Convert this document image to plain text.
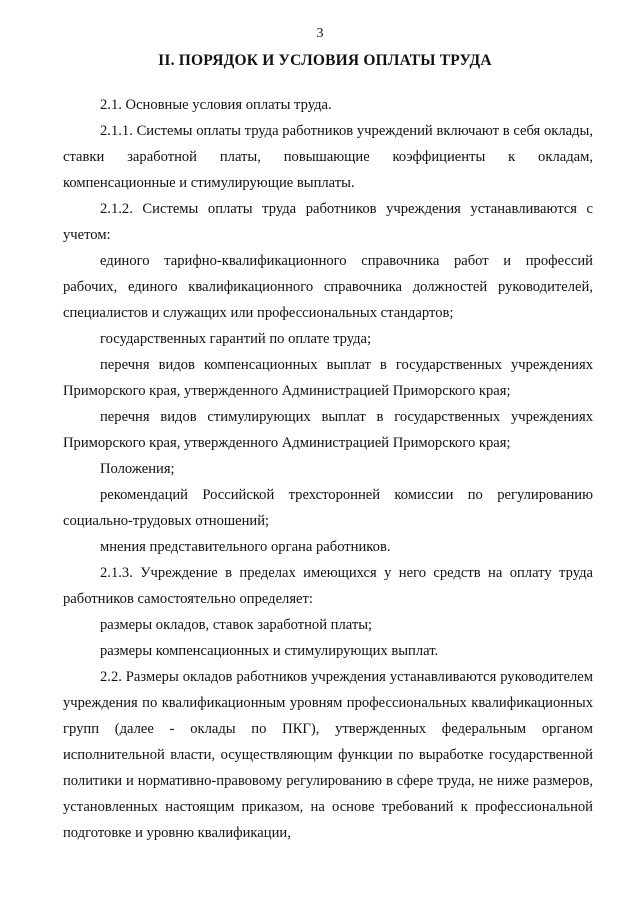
3
II. ПОРЯДОК И УСЛОВИЯ ОПЛАТЫ ТРУДА

2.1. Основные условия оплаты труда.

2.1.1. Системы оплаты труда работников учреждений включают в себя оклады, ставки заработной платы, повышающие коэффициенты к окладам, компенсационные и стимулирующие выплаты.

2.1.2. Системы оплаты труда работников учреждения устанавливаются с учетом:

единого тарифно-квалификационного справочника работ и профессий рабочих, единого квалификационного справочника должностей руководителей, специалистов и служащих или профессиональных стандартов;

государственных гарантий по оплате труда;

перечня видов компенсационных выплат в государственных учреждениях Приморского края, утвержденного Администрацией Приморского края;

перечня видов стимулирующих выплат в государственных учреждениях Приморского края, утвержденного Администрацией Приморского края;

Положения;

рекомендаций Российской трехсторонней комиссии по регулированию социально-трудовых отношений;

мнения представительного органа работников.

2.1.3. Учреждение в пределах имеющихся у него средств на оплату труда работников самостоятельно определяет:

размеры окладов, ставок заработной платы;

размеры компенсационных и стимулирующих выплат.

2.2. Размеры окладов работников учреждения устанавливаются руководителем учреждения по квалификационным уровням профессиональных квалификационных групп (далее - оклады по ПКГ), утвержденных федеральным органом исполнительной власти, осуществляющим функции по выработке государственной политики и нормативно-правовому регулированию в сфере труда, не ниже размеров, установленных настоящим приказом, на основе требований к профессиональной подготовке и уровню квалификации,
